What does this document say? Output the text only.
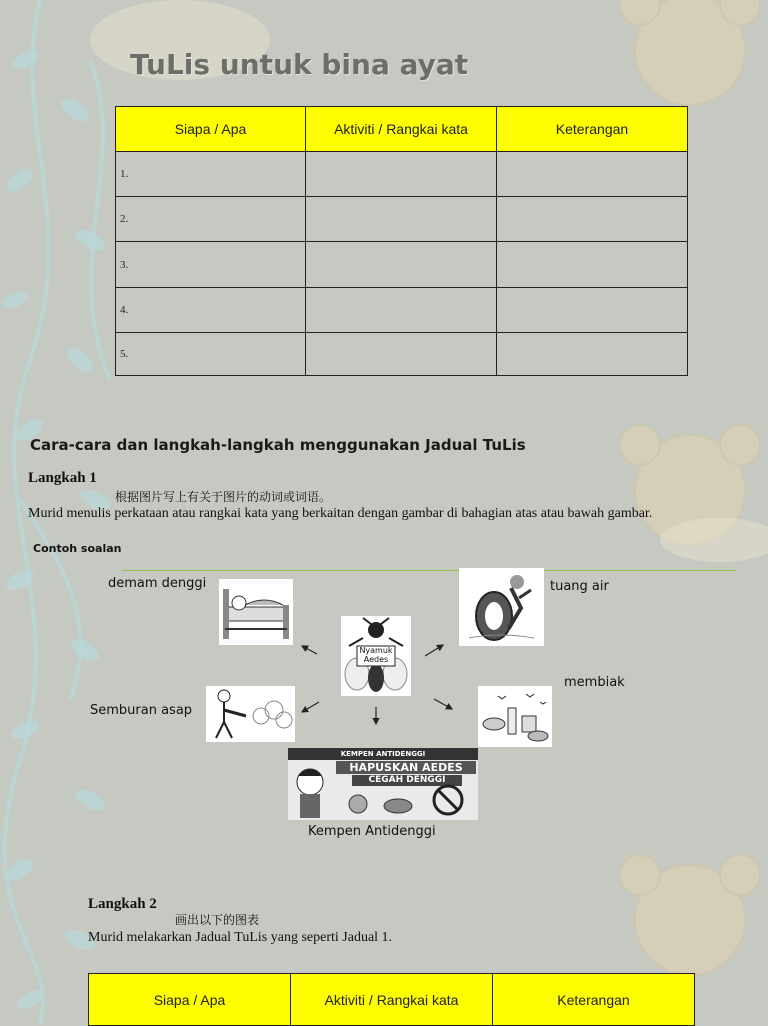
TuLis untuk bina ayat
Siapa / Apa	Aktiviti / Rangkai kata	Keterangan
1.		
2.		
3.		
4.		
5.		
Cara-cara dan langkah-langkah menggunakan Jadual TuLis
Langkah 1
根据图片写上有关于图片的动词或词语。
Murid menulis perkataan atau rangkai kata yang berkaitan dengan gambar di bahagian atas atau bawah gambar.
Contoh soalan
demam denggi	tuang air
membiak
Semburan asap
Kempen Antidenggi
Nyamuk Aedes
KEMPEN ANTIDENGGI
HAPUSKAN AEDES
CEGAH DENGGI
Langkah 2
画出以下的图表
Murid melakarkan Jadual TuLis yang seperti Jadual 1.
Siapa / Apa	Aktiviti / Rangkai kata	Keterangan
